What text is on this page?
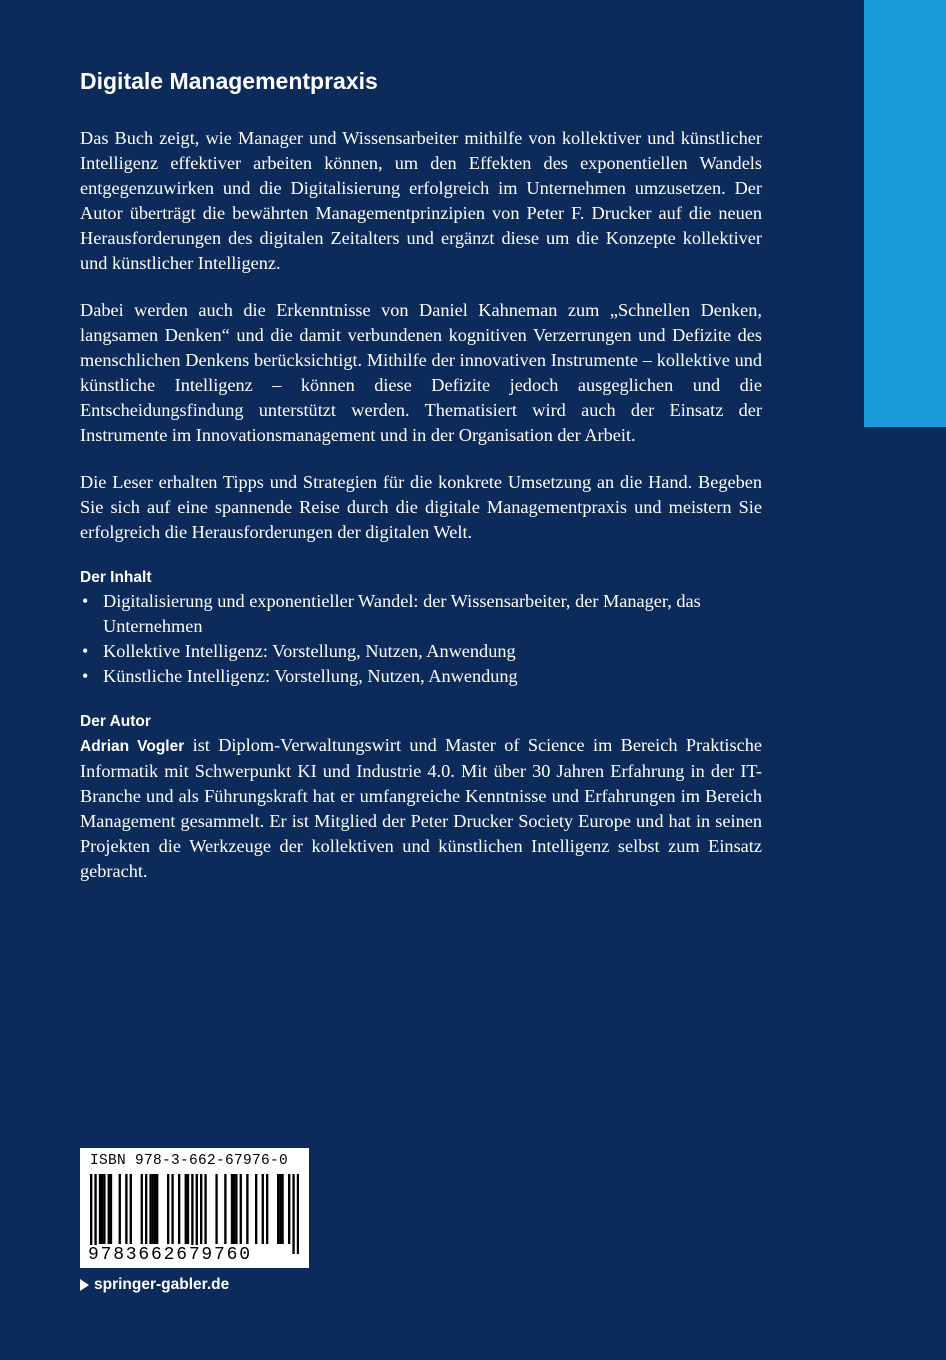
Digitale Managementpraxis

Das Buch zeigt, wie Manager und Wissensarbeiter mithilfe von kollektiver und künstlicher Intelligenz effektiver arbeiten können, um den Effekten des exponentiellen Wandels entgegenzuwirken und die Digitalisierung erfolgreich im Unternehmen umzusetzen. Der Autor überträgt die bewährten Managementprinzipien von Peter F. Drucker auf die neuen Herausforderungen des digitalen Zeitalters und ergänzt diese um die Konzepte kollektiver und künstlicher Intelligenz.

Dabei werden auch die Erkenntnisse von Daniel Kahneman zum „Schnellen Denken, langsamen Denken“ und die damit verbundenen kognitiven Verzerrungen und Defizite des menschlichen Denkens berücksichtigt. Mithilfe der innovativen Instrumente – kollektive und künstliche Intelligenz – können diese Defizite jedoch ausgeglichen und die Entscheidungsfindung unterstützt werden. Thematisiert wird auch der Einsatz der Instrumente im Innovationsmanagement und in der Organisation der Arbeit.

Die Leser erhalten Tipps und Strategien für die konkrete Umsetzung an die Hand. Begeben Sie sich auf eine spannende Reise durch die digitale Managementpraxis und meistern Sie erfolgreich die Herausforderungen der digitalen Welt.

Der Inhalt
• Digitalisierung und exponentieller Wandel: der Wissensarbeiter, der Manager, das Unternehmen
• Kollektive Intelligenz: Vorstellung, Nutzen, Anwendung
• Künstliche Intelligenz: Vorstellung, Nutzen, Anwendung
Der Autor

Adrian Vogler ist Diplom-Verwaltungswirt und Master of Science im Bereich Praktische Informatik mit Schwerpunkt KI und Industrie 4.0. Mit über 30 Jahren Erfahrung in der IT-Branche und als Führungskraft hat er umfangreiche Kenntnisse und Erfahrungen im Bereich Management gesammelt. Er ist Mitglied der Peter Drucker Society Europe und hat in seinen Projekten die Werkzeuge der kollektiven und künstlichen Intelligenz selbst zum Einsatz gebracht.

ISBN 978-3-662-67976-0
9783662679760
springer-gabler.de
